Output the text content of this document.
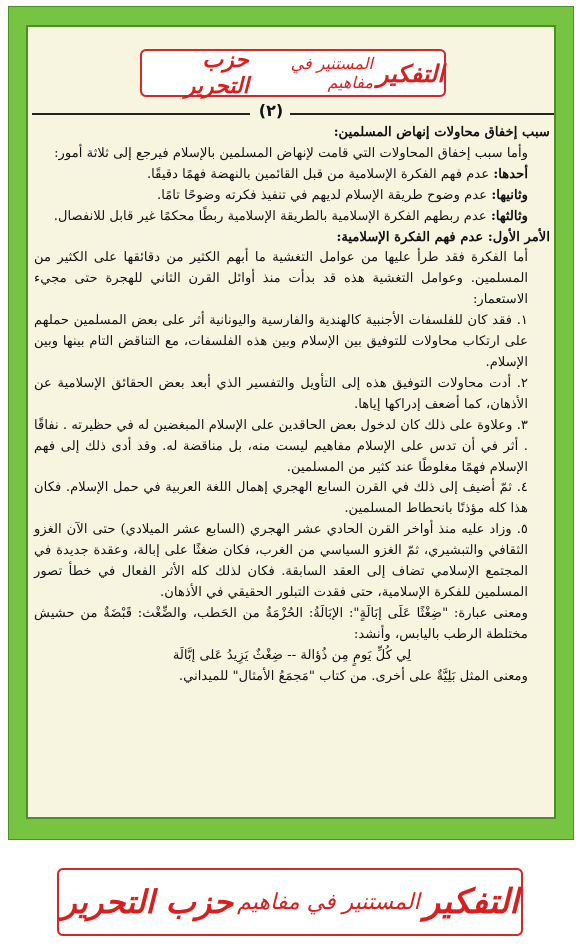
التفكير
المستنير في مفاهيم
حزب التحرير
(٢)

سبب إخفاق محاولات إنهاض المسلمين:

وأما سبب إخفاق المحاولات التي قامت لإنهاض المسلمين بالإسلام فيرجع إلى ثلاثة أمور:

أحدها: عدم فهم الفكرة الإسلامية من قبل القائمين بالنهضة فهمًا دقيقًا.

وثانيها: عدم وضوح طريقة الإسلام لديهم في تنفيذ فكرته وضوحًا تامًا.

وثالثها: عدم ربطهم الفكرة الإسلامية بالطريقة الإسلامية ربطًا محكمًا غير قابل للانفصال.

الأمر الأول: عدم فهم الفكرة الإسلامية:

أما الفكرة فقد طرأ عليها من عوامل التغشية ما أبهم الكثير من دقائقها على الكثير من المسلمين. وعوامل التغشية هذه قد بدأت منذ أوائل القرن الثاني للهجرة حتى مجيء الاستعمار:

١. فقد كان للفلسفات الأجنبية كالهندية والفارسية واليونانية أثر على بعض المسلمين حملهم على ارتكاب محاولات للتوفيق بين الإسلام وبين هذه الفلسفات، مع التناقض التام بينها وبين الإسلام.

٢. أدت محاولات التوفيق هذه إلى التأويل والتفسير الذي أبعد بعض الحقائق الإسلامية عن الأذهان، كما أضعف إدراكها إياها.

٣. وعلاوة على ذلك كان لدخول بعض الحاقدين على الإسلام المبغضين له في حظيرته . نفاقًا . أثر في أن تدس على الإسلام مفاهيم ليست منه، بل مناقضة له. وقد أدى ذلك إلى فهم الإسلام فهمًا مغلوطًا عند كثير من المسلمين.

٤. ثمّ أضيف إلى ذلك في القرن السابع الهجري إهمال اللغة العربية في حمل الإسلام. فكان هذا كله مؤذنًا بانحطاط المسلمين.

٥. وزاد عليه منذ أواخر القرن الحادي عشر الهجري (السابع عشر الميلادي) حتى الآن الغزو الثقافي والتبشيري، ثمّ الغزو السياسي من الغرب، فكان ضغثًا على إبالة، وعقدة جديدة في المجتمع الإسلامي تضاف إلى العقد السابقة. فكان لذلك كله الأثر الفعال في خطأ تصور المسلمين للفكرة الإسلامية، حتى فقدت التبلور الحقيقي في الأذهان.

ومعنى عبارة: "ضِغْثًا عَلَى إبَالَةٍ": الإبَالَةُ: الحُزْمَةُ من الحَطب، والضِّغْث: قَبْضَةٌ من حشيش مختلطة الرطب باليابس، وأنشد:

لِي كُلِّ يَومٍ مِن ذُؤالة -- ضِغْثٌ يَزِيدُ عَلى إبَّالَة

ومعنى المثل بَلِيَّةٌ على أخرى. من كتاب "مَجمَعُ الأمثال" للميداني.

التفكير
المستنير في مفاهيم
حزب التحرير
